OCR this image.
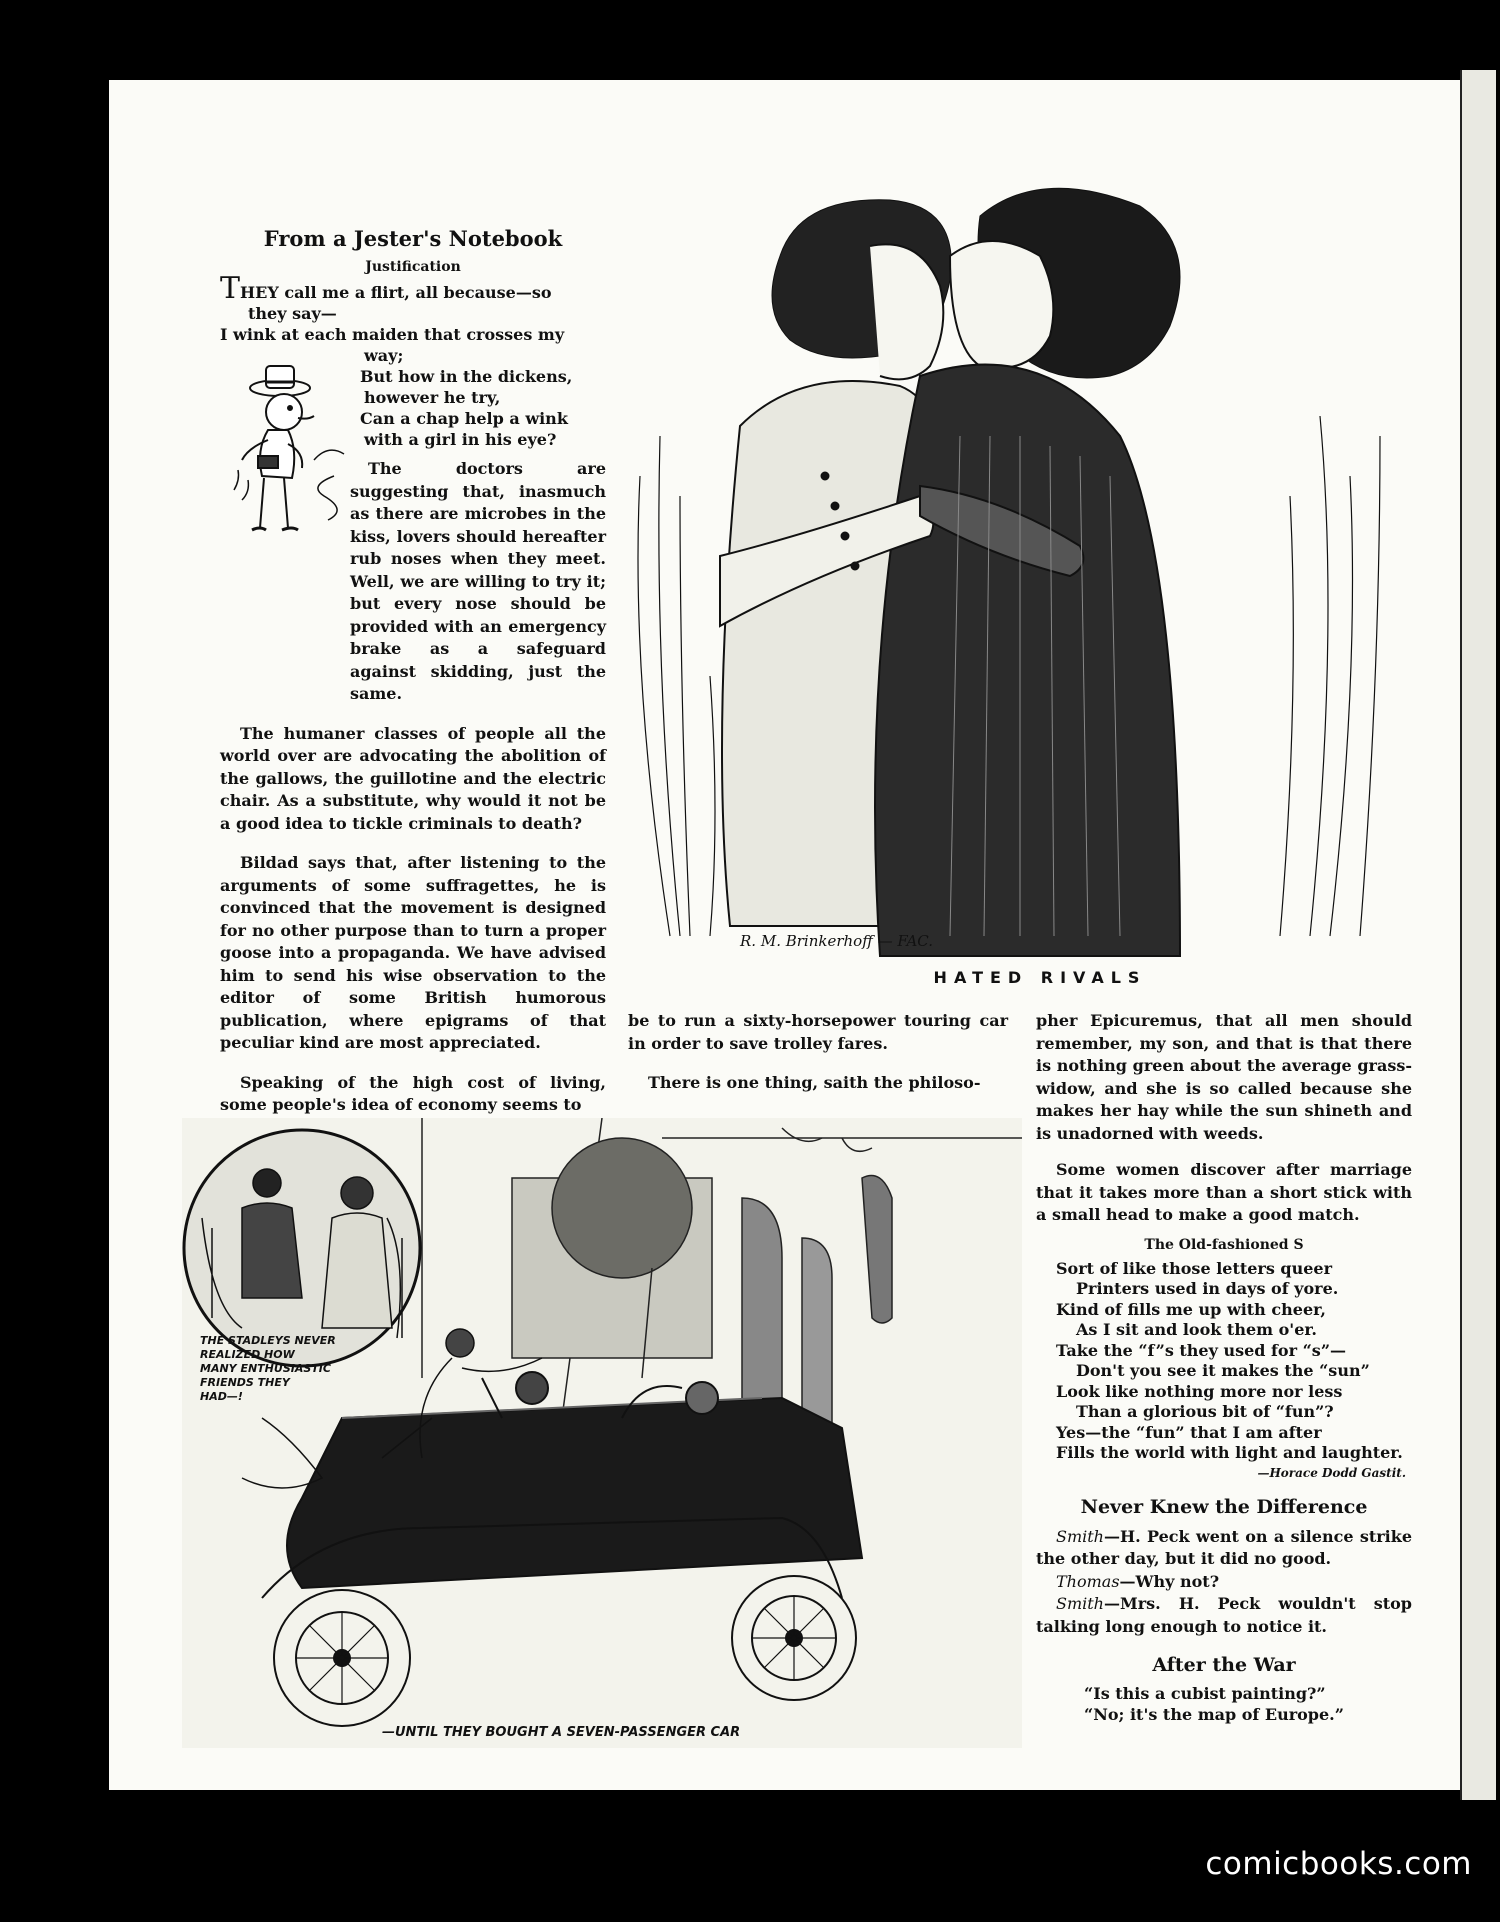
From a Jester's Notebook
Justification
THEY call me a flirt, all because—so
they say—
I wink at each maiden that crosses my
way;
But how in the dickens,
however he try,
Can a chap help a wink
with a girl in his eye?

The doctors are suggesting that, inasmuch as there are microbes in the kiss, lovers should hereafter rub noses when they meet. Well, we are willing to try it; but every nose should be provided with an emergency brake as a safeguard against skidding, just the same.

The humaner classes of people all the world over are advocating the abolition of the gallows, the guillotine and the electric chair. As a substitute, why would it not be a good idea to tickle criminals to death?

Bildad says that, after listening to the arguments of some suffragettes, he is convinced that the movement is designed for no other purpose than to turn a proper goose into a propaganda. We have advised him to send his wise observation to the editor of some British humorous publication, where epigrams of that peculiar kind are most appreciated.

Speaking of the high cost of living, some people's idea of economy seems to

R. M. Brinkerhoff — FAC.
HATED RIVALS

be to run a sixty-horsepower touring car in order to save trolley fares.

There is one thing, saith the philoso-

pher Epicuremus, that all men should remember, my son, and that is that there is nothing green about the average grass-widow, and she is so called because she makes her hay while the sun shineth and is unadorned with weeds.

Some women discover after marriage that it takes more than a short stick with a small head to make a good match.

The Old-fashioned S
Sort of like those letters queer
Printers used in days of yore.
Kind of fills me up with cheer,
As I sit and look them o'er.
Take the “f”s they used for “s”—
Don't you see it makes the “sun”
Look like nothing more nor less
Than a glorious bit of “fun”?
Yes—the “fun” that I am after
Fills the world with light and laughter.
—Horace Dodd Gastit.
Never Knew the Difference

Smith—H. Peck went on a silence strike the other day, but it did no good.

Thomas—Why not?

Smith—Mrs. H. Peck wouldn't stop talking long enough to notice it.

After the War
“Is this a cubist painting?”
“No; it's the map of Europe.”
THE STADLEYS NEVER
REALIZED HOW
MANY ENTHUSIASTIC
FRIENDS THEY
HAD—!
—UNTIL THEY BOUGHT A SEVEN-PASSENGER CAR
comicbooks.com
